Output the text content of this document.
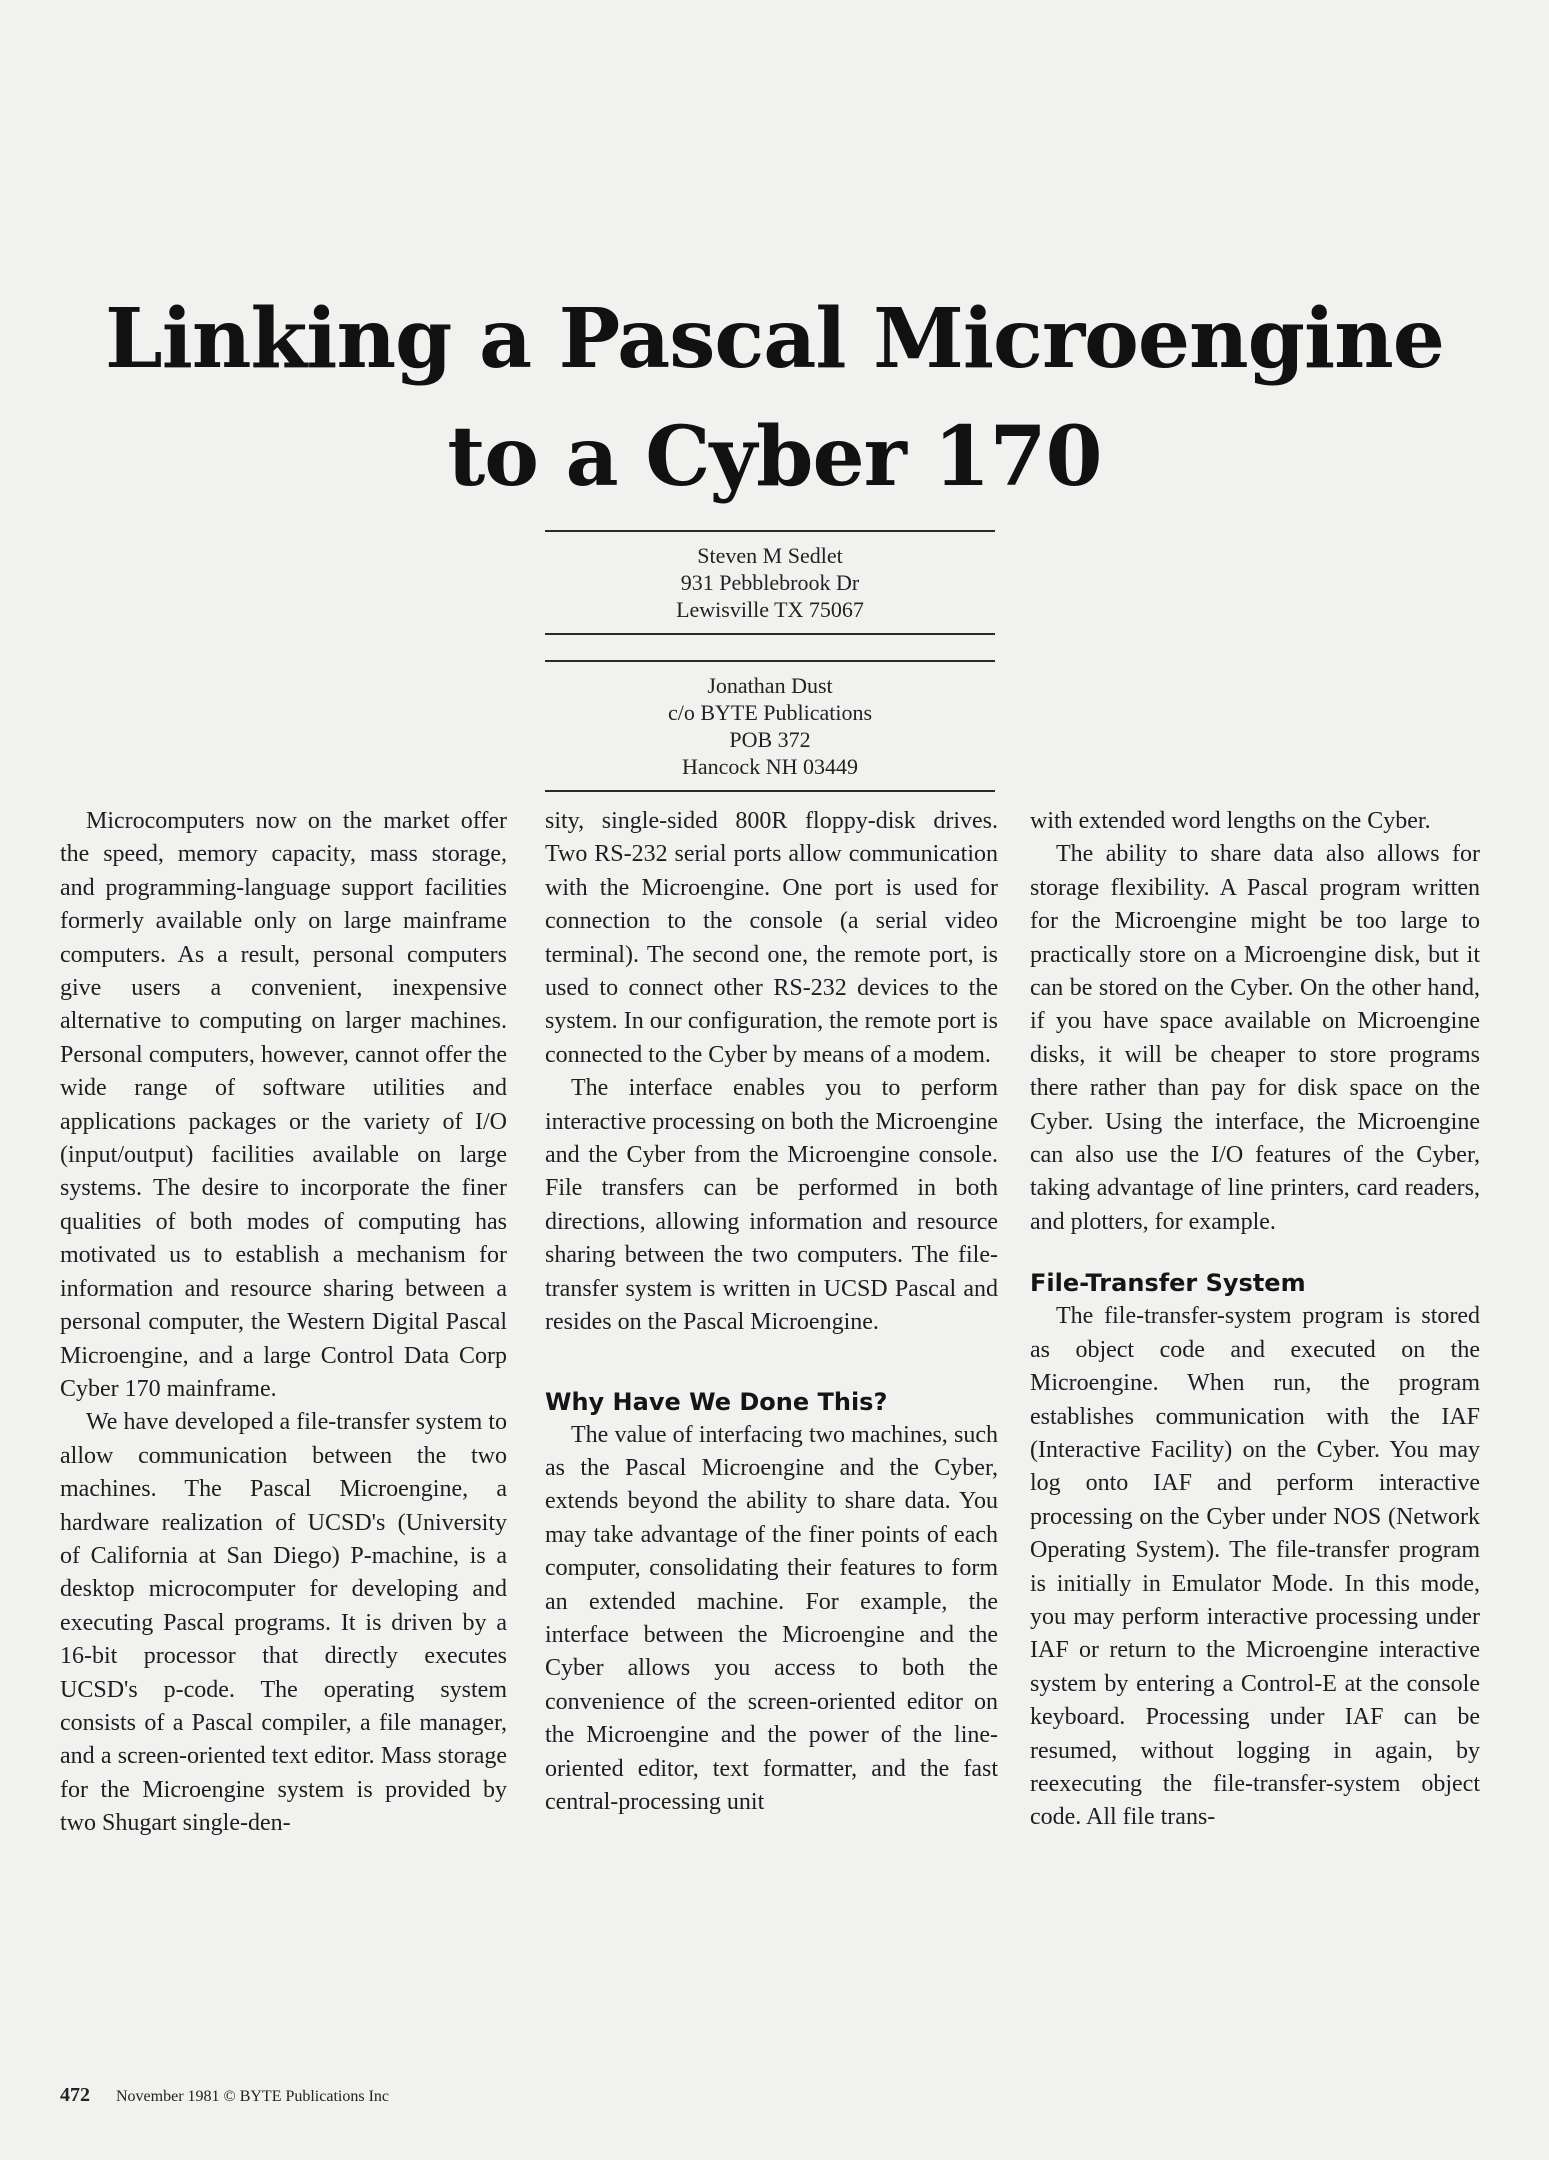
Linking a Pascal Microengine
to a Cyber 170
Steven M Sedlet
931 Pebblebrook Dr
Lewisville TX 75067
Jonathan Dust
c/o BYTE Publications
POB 372
Hancock NH 03449

Microcomputers now on the market offer the speed, memory capacity, mass storage, and programming-language support facilities formerly available only on large mainframe computers. As a result, personal computers give users a convenient, inexpensive alternative to computing on larger machines. Personal computers, however, cannot offer the wide range of software utilities and applications packages or the variety of I/O (input/output) facilities available on large systems. The desire to incorporate the finer qualities of both modes of computing has motivated us to establish a mechanism for information and resource sharing between a personal computer, the Western Digital Pascal Microengine, and a large Control Data Corp Cyber 170 mainframe.

We have developed a file-transfer system to allow communication between the two machines. The Pascal Microengine, a hardware realization of UCSD's (University of California at San Diego) P-machine, is a desktop microcomputer for developing and executing Pascal programs. It is driven by a 16-bit processor that directly executes UCSD's p-code. The operating system consists of a Pascal compiler, a file manager, and a screen-oriented text editor. Mass storage for the Microengine system is provided by two Shugart single-den-

sity, single-sided 800R floppy-disk drives. Two RS-232 serial ports allow communication with the Microengine. One port is used for connection to the console (a serial video terminal). The second one, the remote port, is used to connect other RS-232 devices to the system. In our configuration, the remote port is connected to the Cyber by means of a modem.

The interface enables you to perform interactive processing on both the Microengine and the Cyber from the Microengine console. File transfers can be performed in both directions, allowing information and resource sharing between the two computers. The file-transfer system is written in UCSD Pascal and resides on the Pascal Microengine.

Why Have We Done This?

The value of interfacing two machines, such as the Pascal Microengine and the Cyber, extends beyond the ability to share data. You may take advantage of the finer points of each computer, consolidating their features to form an extended machine. For example, the interface between the Microengine and the Cyber allows you access to both the convenience of the screen-oriented editor on the Microengine and the power of the line-oriented editor, text formatter, and the fast central-processing unit

with extended word lengths on the Cyber.

The ability to share data also allows for storage flexibility. A Pascal program written for the Microengine might be too large to practically store on a Microengine disk, but it can be stored on the Cyber. On the other hand, if you have space available on Microengine disks, it will be cheaper to store programs there rather than pay for disk space on the Cyber. Using the interface, the Microengine can also use the I/O features of the Cyber, taking advantage of line printers, card readers, and plotters, for example.

File-Transfer System

The file-transfer-system program is stored as object code and executed on the Microengine. When run, the program establishes communication with the IAF (Interactive Facility) on the Cyber. You may log onto IAF and perform interactive processing on the Cyber under NOS (Network Operating System). The file-transfer program is initially in Emulator Mode. In this mode, you may perform interactive processing under IAF or return to the Microengine interactive system by entering a Control-E at the console keyboard. Processing under IAF can be resumed, without logging in again, by reexecuting the file-transfer-system object code. All file trans-

472 November 1981 © BYTE Publications Inc
